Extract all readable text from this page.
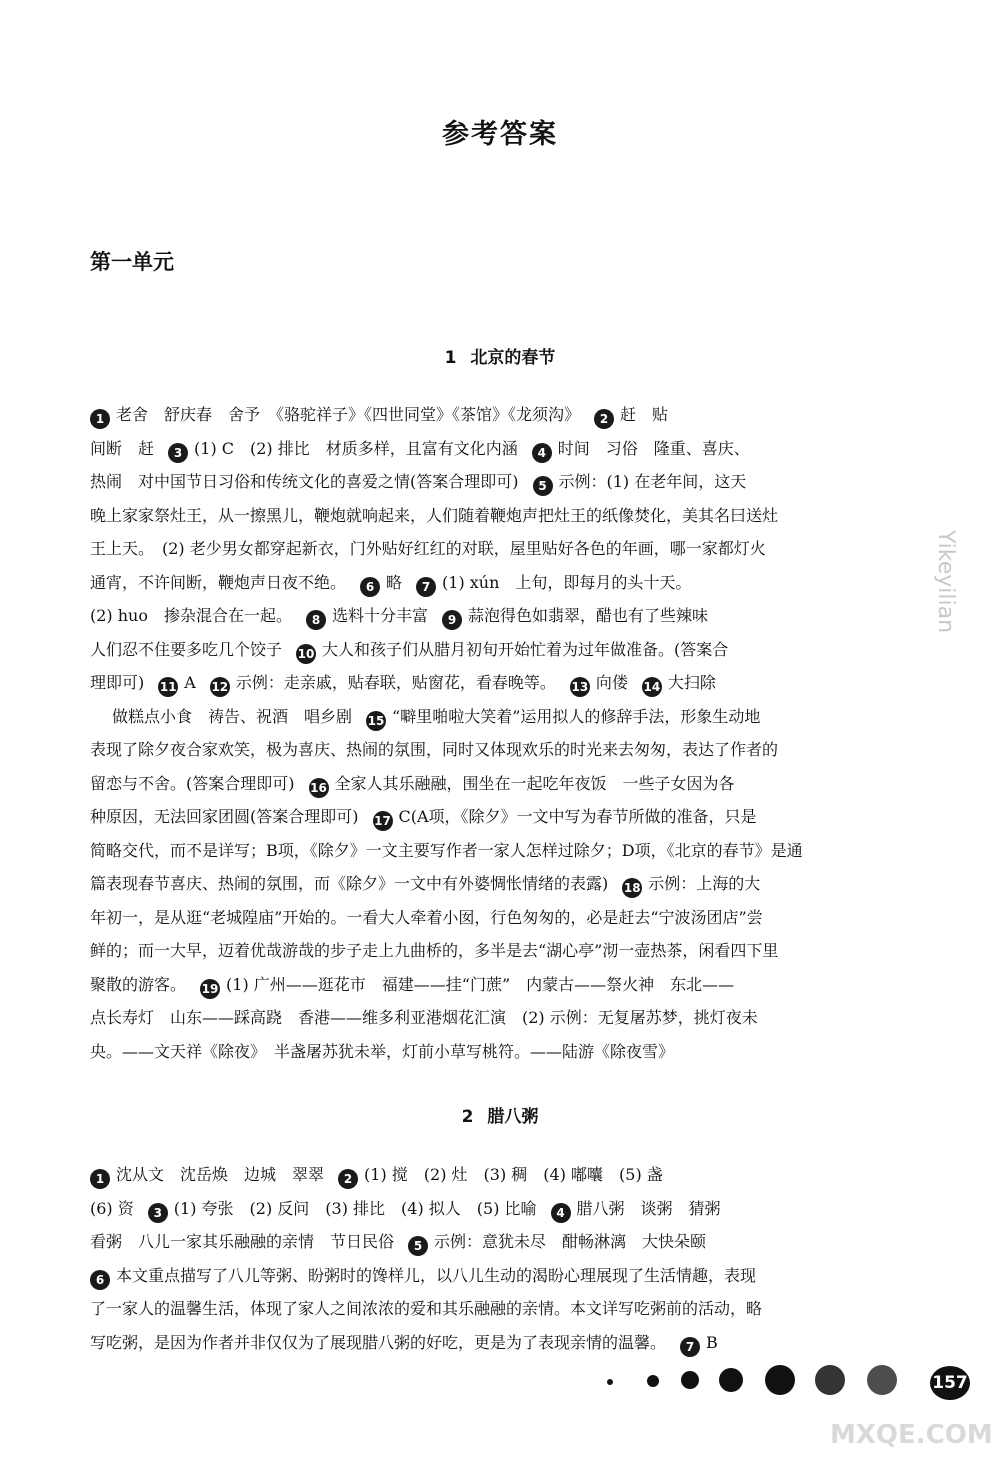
参考答案
第一单元
1 北京的春节
1 老舍　舒庆春　舍予　《骆驼祥子》《四世同堂》《茶馆》《龙须沟》 2 赶　贴
间断　赶 3 (1) C　(2) 排比　材质多样，且富有文化内涵 4 时间　习俗　隆重、喜庆、
热闹　对中国节日习俗和传统文化的喜爱之情(答案合理即可) 5 示例：(1) 在老年间，这天
晚上家家祭灶王，从一擦黑儿，鞭炮就响起来，人们随着鞭炮声把灶王的纸像焚化，美其名曰送灶
王上天。　(2) 老少男女都穿起新衣，门外贴好红红的对联，屋里贴好各色的年画，哪一家都灯火
通宵，不许间断，鞭炮声日夜不绝。 6 略 7 (1) xún　上旬，即每月的头十天。
(2) huo　掺杂混合在一起。 8 选料十分丰富 9 蒜泡得色如翡翠，醋也有了些辣味
人们忍不住要多吃几个饺子 10 大人和孩子们从腊月初旬开始忙着为过年做准备。(答案合
理即可) 11 A 12 示例：走亲戚，贴春联，贴窗花，看春晚等。 13 向偻 14 大扫除
做糕点小食　祷告、祝酒　唱乡剧 15 “噼里啪啦大笑着”运用拟人的修辞手法，形象生动地
表现了除夕夜合家欢笑，极为喜庆、热闹的氛围，同时又体现欢乐的时光来去匆匆，表达了作者的
留恋与不舍。(答案合理即可) 16 全家人其乐融融，围坐在一起吃年夜饭　一些子女因为各
种原因，无法回家团圆(答案合理即可) 17 C(A项，《除夕》一文中写为春节所做的准备，只是
简略交代，而不是详写；B项，《除夕》一文主要写作者一家人怎样过除夕；D项，《北京的春节》是通
篇表现春节喜庆、热闹的氛围，而《除夕》一文中有外婆惆怅情绪的表露) 18 示例：上海的大
年初一，是从逛“老城隍庙”开始的。一看大人牵着小囡，行色匆匆的，必是赶去“宁波汤团店”尝
鲜的；而一大早，迈着优哉游哉的步子走上九曲桥的，多半是去“湖心亭”沏一壶热茶，闲看四下里
聚散的游客。 19 (1) 广州——逛花市　福建——挂“门蔗”　内蒙古——祭火神　东北——
点长寿灯　山东——踩高跷　香港——维多利亚港烟花汇演　(2) 示例：无复屠苏梦，挑灯夜未
央。——文天祥《除夜》　半盏屠苏犹未举，灯前小草写桃符。——陆游《除夜雪》
2 腊八粥
1 沈从文　沈岳焕　边城　翠翠 2 (1) 搅　(2) 灶　(3) 稠　(4) 嘟囔　(5) 盏
(6) 资 3 (1) 夸张　(2) 反问　(3) 排比　(4) 拟人　(5) 比喻 4 腊八粥　谈粥　猜粥
看粥　八儿一家其乐融融的亲情　节日民俗 5 示例：意犹未尽　酣畅淋漓　大快朵颐
6 本文重点描写了八儿等粥、盼粥时的馋样儿，以八儿生动的渴盼心理展现了生活情趣，表现
了一家人的温馨生活，体现了家人之间浓浓的爱和其乐融融的亲情。本文详写吃粥前的活动，略
写吃粥，是因为作者并非仅仅为了展现腊八粥的好吃，更是为了表现亲情的温馨。 7 B
Yikeyilian
157
MXQE.COM
